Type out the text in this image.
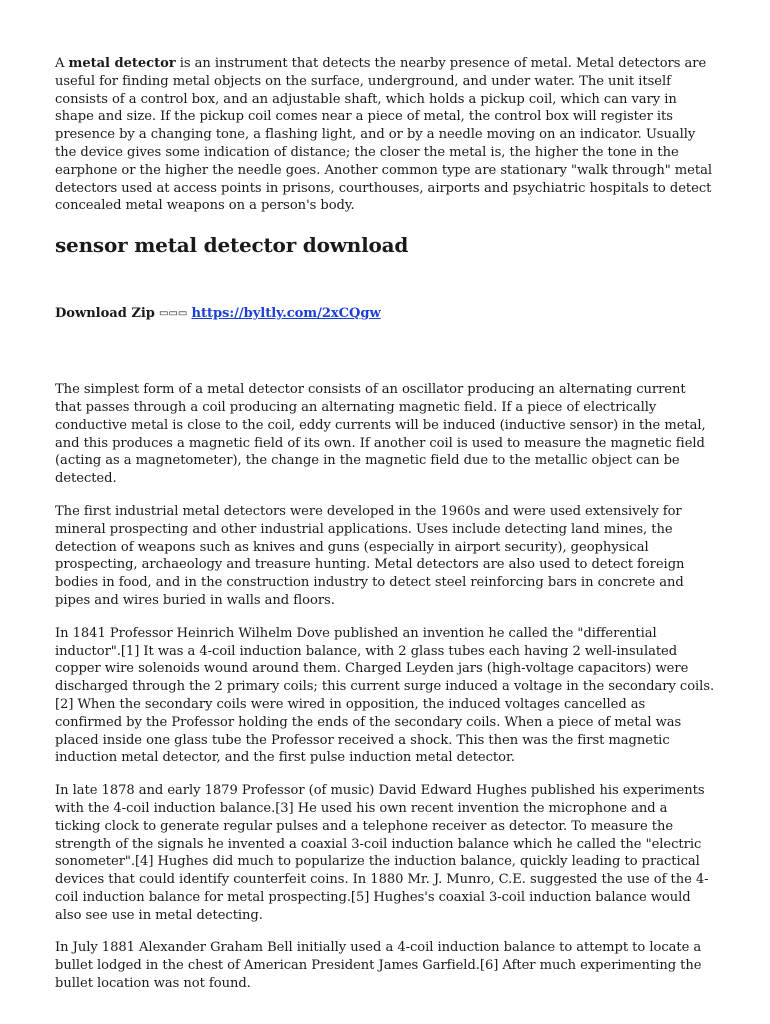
A metal detector is an instrument that detects the nearby presence of metal. Metal detectors are useful for finding metal objects on the surface, underground, and under water. The unit itself consists of a control box, and an adjustable shaft, which holds a pickup coil, which can vary in shape and size. If the pickup coil comes near a piece of metal, the control box will register its presence by a changing tone, a flashing light, and or by a needle moving on an indicator. Usually the device gives some indication of distance; the closer the metal is, the higher the tone in the earphone or the higher the needle goes. Another common type are stationary "walk through" metal detectors used at access points in prisons, courthouses, airports and psychiatric hospitals to detect concealed metal weapons on a person's body.

sensor metal detector download

Download Zip ▭▭▭ https://byltly.com/2xCQgw

The simplest form of a metal detector consists of an oscillator producing an alternating current that passes through a coil producing an alternating magnetic field. If a piece of electrically conductive metal is close to the coil, eddy currents will be induced (inductive sensor) in the metal, and this produces a magnetic field of its own. If another coil is used to measure the magnetic field (acting as a magnetometer), the change in the magnetic field due to the metallic object can be detected.

The first industrial metal detectors were developed in the 1960s and were used extensively for mineral prospecting and other industrial applications. Uses include detecting land mines, the detection of weapons such as knives and guns (especially in airport security), geophysical prospecting, archaeology and treasure hunting. Metal detectors are also used to detect foreign bodies in food, and in the construction industry to detect steel reinforcing bars in concrete and pipes and wires buried in walls and floors.

In 1841 Professor Heinrich Wilhelm Dove published an invention he called the "differential inductor".[1] It was a 4-coil induction balance, with 2 glass tubes each having 2 well-insulated copper wire solenoids wound around them. Charged Leyden jars (high-voltage capacitors) were discharged through the 2 primary coils; this current surge induced a voltage in the secondary coils.[2] When the secondary coils were wired in opposition, the induced voltages cancelled as confirmed by the Professor holding the ends of the secondary coils. When a piece of metal was placed inside one glass tube the Professor received a shock. This then was the first magnetic induction metal detector, and the first pulse induction metal detector.

In late 1878 and early 1879 Professor (of music) David Edward Hughes published his experiments with the 4-coil induction balance.[3] He used his own recent invention the microphone and a ticking clock to generate regular pulses and a telephone receiver as detector. To measure the strength of the signals he invented a coaxial 3-coil induction balance which he called the "electric sonometer".[4] Hughes did much to popularize the induction balance, quickly leading to practical devices that could identify counterfeit coins. In 1880 Mr. J. Munro, C.E. suggested the use of the 4-coil induction balance for metal prospecting.[5] Hughes's coaxial 3-coil induction balance would also see use in metal detecting.

In July 1881 Alexander Graham Bell initially used a 4-coil induction balance to attempt to locate a bullet lodged in the chest of American President James Garfield.[6] After much experimenting the bullet location was not found.
